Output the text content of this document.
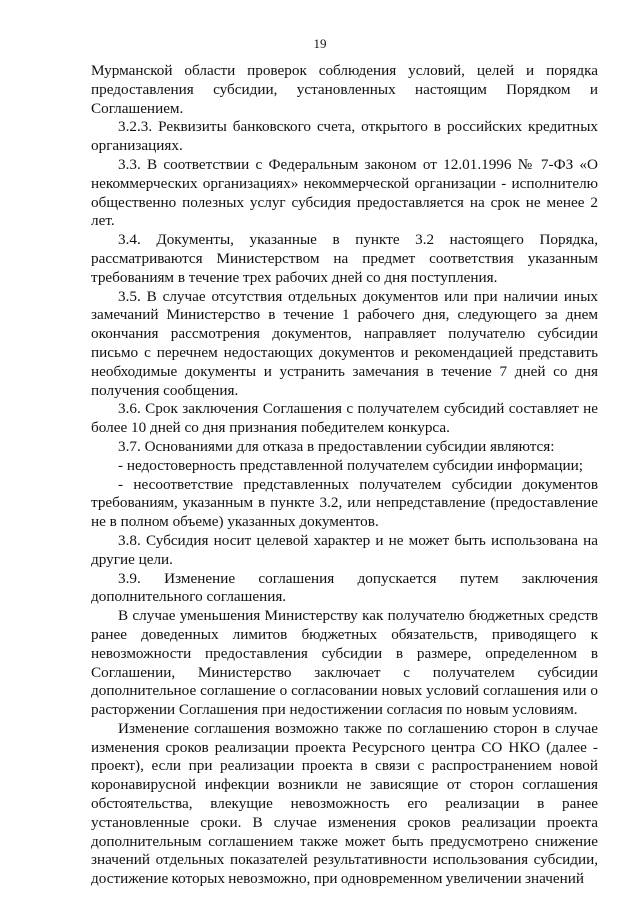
19

Мурманской области проверок соблюдения условий, целей и порядка предоставления субсидии, установленных настоящим Порядком и Соглашением.

3.2.3. Реквизиты банковского счета, открытого в российских кредитных организациях.

3.3. В соответствии с Федеральным законом от 12.01.1996 № 7-ФЗ «О некоммерческих организациях» некоммерческой организации - исполнителю общественно полезных услуг субсидия предоставляется на срок не менее 2 лет.

3.4. Документы, указанные в пункте 3.2 настоящего Порядка, рассматриваются Министерством на предмет соответствия указанным требованиям в течение трех рабочих дней со дня поступления.

3.5. В случае отсутствия отдельных документов или при наличии иных замечаний Министерство в течение 1 рабочего дня, следующего за днем окончания рассмотрения документов, направляет получателю субсидии письмо с перечнем недостающих документов и рекомендацией представить необходимые документы и устранить замечания в течение 7 дней со дня получения сообщения.

3.6. Срок заключения Соглашения с получателем субсидий составляет не более 10 дней со дня признания победителем конкурса.

3.7. Основаниями для отказа в предоставлении субсидии являются:

- недостоверность представленной получателем субсидии информации;

- несоответствие представленных получателем субсидии документов требованиям, указанным в пункте 3.2, или непредставление (предоставление не в полном объеме) указанных документов.

3.8. Субсидия носит целевой характер и не может быть использована на другие цели.

3.9. Изменение соглашения допускается путем заключения дополнительного соглашения.

В случае уменьшения Министерству как получателю бюджетных средств ранее доведенных лимитов бюджетных обязательств, приводящего к невозможности предоставления субсидии в размере, определенном в Соглашении, Министерство заключает с получателем субсидии дополнительное соглашение о согласовании новых условий соглашения или о расторжении Соглашения при недостижении согласия по новым условиям.

Изменение соглашения возможно также по соглашению сторон в случае изменения сроков реализации проекта Ресурсного центра СО НКО (далее - проект), если при реализации проекта в связи с распространением новой коронавирусной инфекции возникли не зависящие от сторон соглашения обстоятельства, влекущие невозможность его реализации в ранее установленные сроки. В случае изменения сроков реализации проекта дополнительным соглашением также может быть предусмотрено снижение значений отдельных показателей результативности использования субсидии, достижение которых невозможно, при одновременном увеличении значений
